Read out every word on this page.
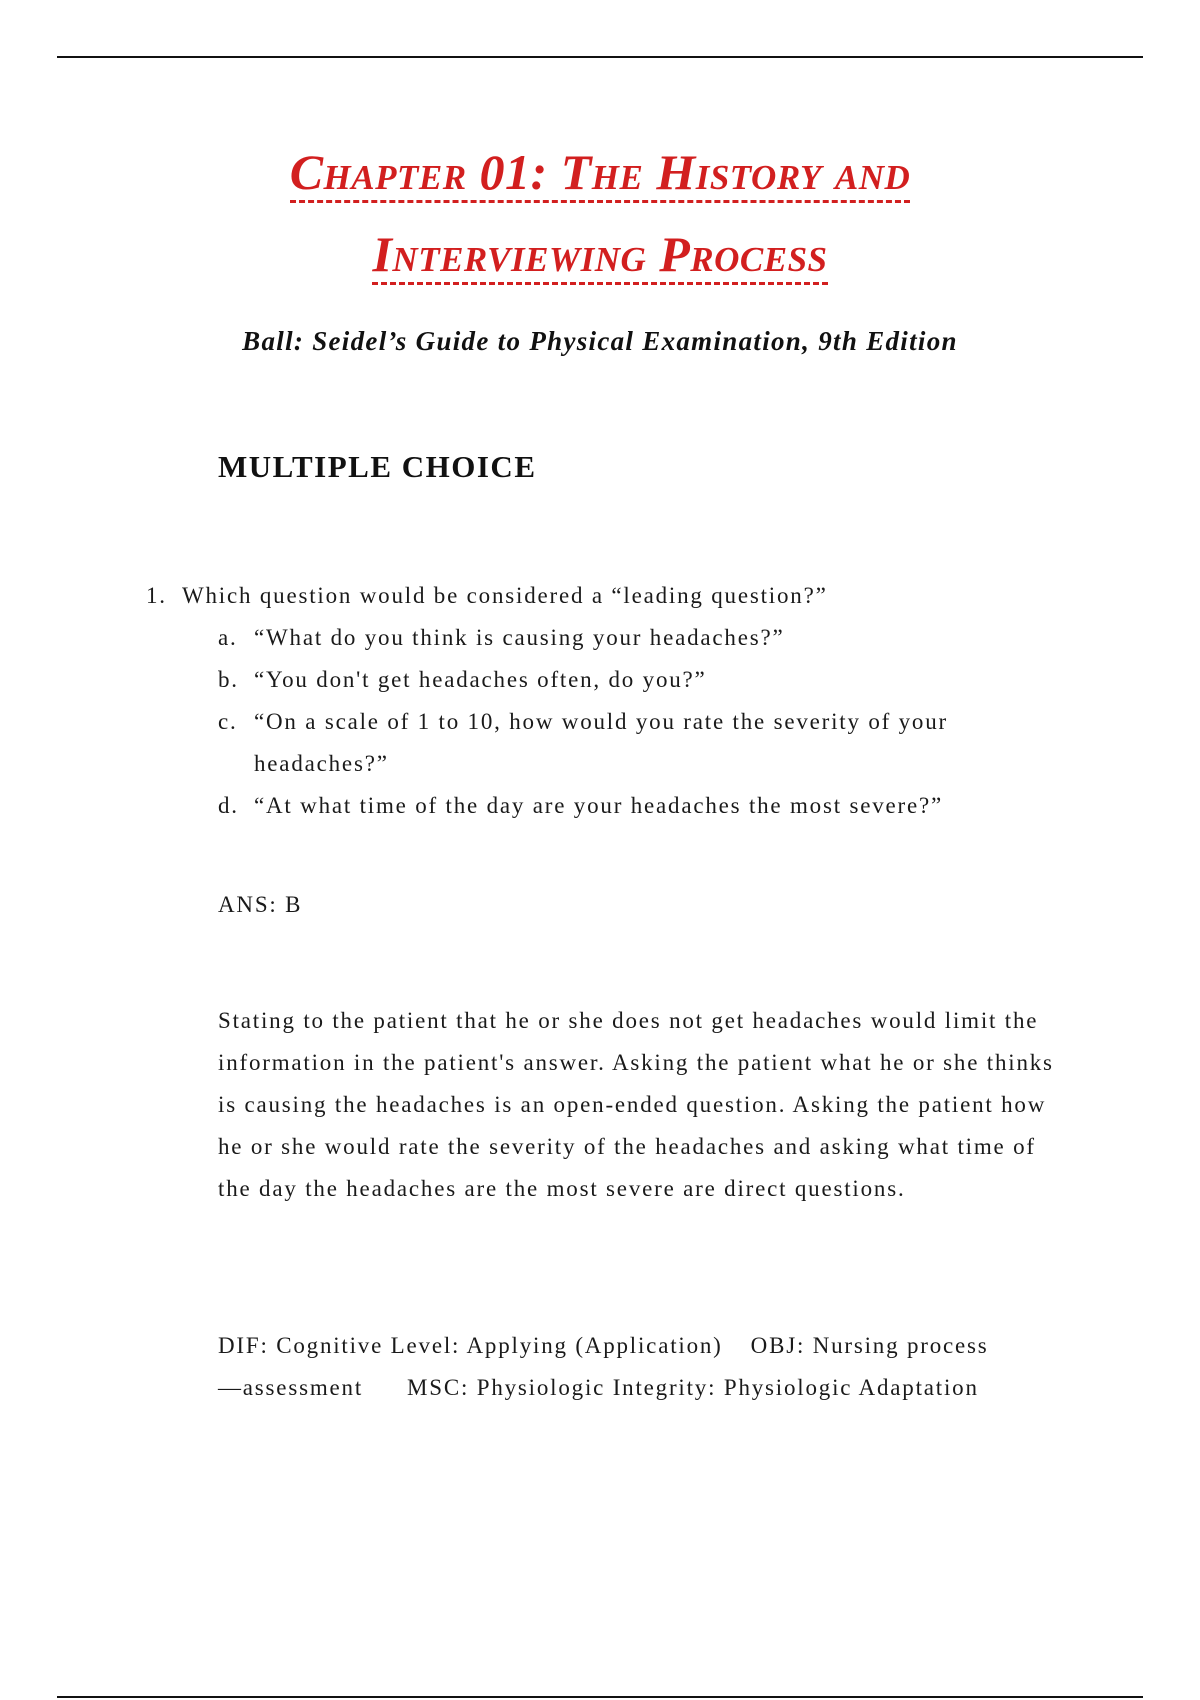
Chapter 01: The History and
Interviewing Process
Ball: Seidel’s Guide to Physical Examination, 9th Edition
MULTIPLE CHOICE
1. Which question would be considered a “leading question?”
a. “What do you think is causing your headaches?”
b. “You don't get headaches often, do you?”
c. “On a scale of 1 to 10, how would you rate the severity of your headaches?”
d. “At what time of the day are your headaches the most severe?”
ANS: B
Stating to the patient that he or she does not get headaches would limit the information in the patient's answer. Asking the patient what he or she thinks is causing the headaches is an open-ended question. Asking the patient how he or she would rate the severity of the headaches and asking what time of the day the headaches are the most severe are direct questions.
DIF: Cognitive Level: Applying (Application) OBJ: Nursing process—assessment MSC: Physiologic Integrity: Physiologic Adaptation
